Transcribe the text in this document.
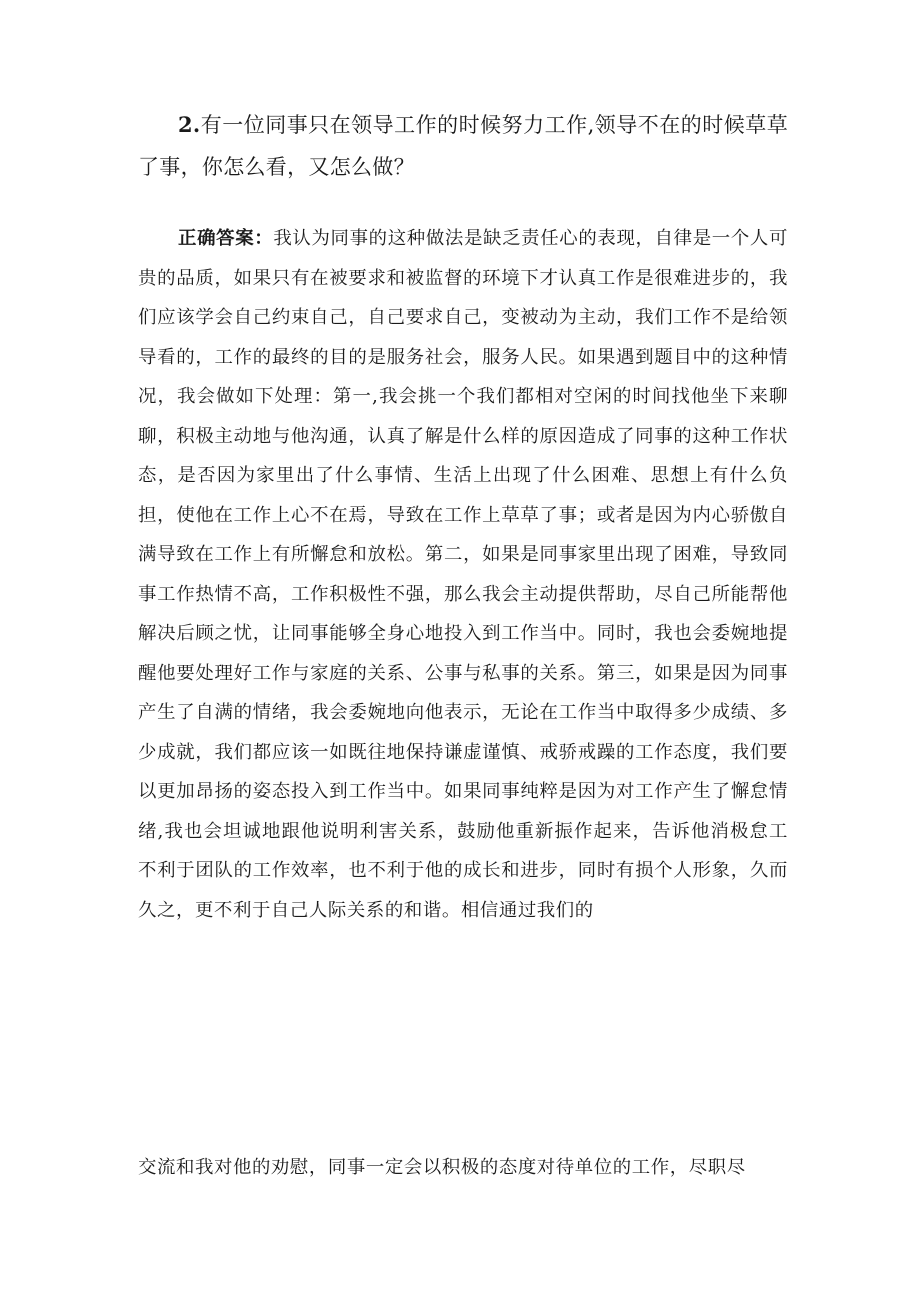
2.有一位同事只在领导工作的时候努力工作,领导不在的时候草草了事，你怎么看，又怎么做？

正确答案：我认为同事的这种做法是缺乏责任心的表现，自律是一个人可贵的品质，如果只有在被要求和被监督的环境下才认真工作是很难进步的，我们应该学会自己约束自己，自己要求自己，变被动为主动，我们工作不是给领导看的，工作的最终的目的是服务社会，服务人民。如果遇到题目中的这种情况，我会做如下处理：第一,我会挑一个我们都相对空闲的时间找他坐下来聊聊，积极主动地与他沟通，认真了解是什么样的原因造成了同事的这种工作状态，是否因为家里出了什么事情、生活上出现了什么困难、思想上有什么负担，使他在工作上心不在焉，导致在工作上草草了事；或者是因为内心骄傲自满导致在工作上有所懈怠和放松。第二，如果是同事家里出现了困难，导致同事工作热情不高，工作积极性不强，那么我会主动提供帮助，尽自己所能帮他解决后顾之忧，让同事能够全身心地投入到工作当中。同时，我也会委婉地提醒他要处理好工作与家庭的关系、公事与私事的关系。第三，如果是因为同事产生了自满的情绪，我会委婉地向他表示，无论在工作当中取得多少成绩、多少成就，我们都应该一如既往地保持谦虚谨慎、戒骄戒躁的工作态度，我们要以更加昂扬的姿态投入到工作当中。如果同事纯粹是因为对工作产生了懈怠情绪,我也会坦诚地跟他说明利害关系，鼓励他重新振作起来，告诉他消极怠工不利于团队的工作效率，也不利于他的成长和进步，同时有损个人形象，久而久之，更不利于自己人际关系的和谐。相信通过我们的

交流和我对他的劝慰，同事一定会以积极的态度对待单位的工作，尽职尽
